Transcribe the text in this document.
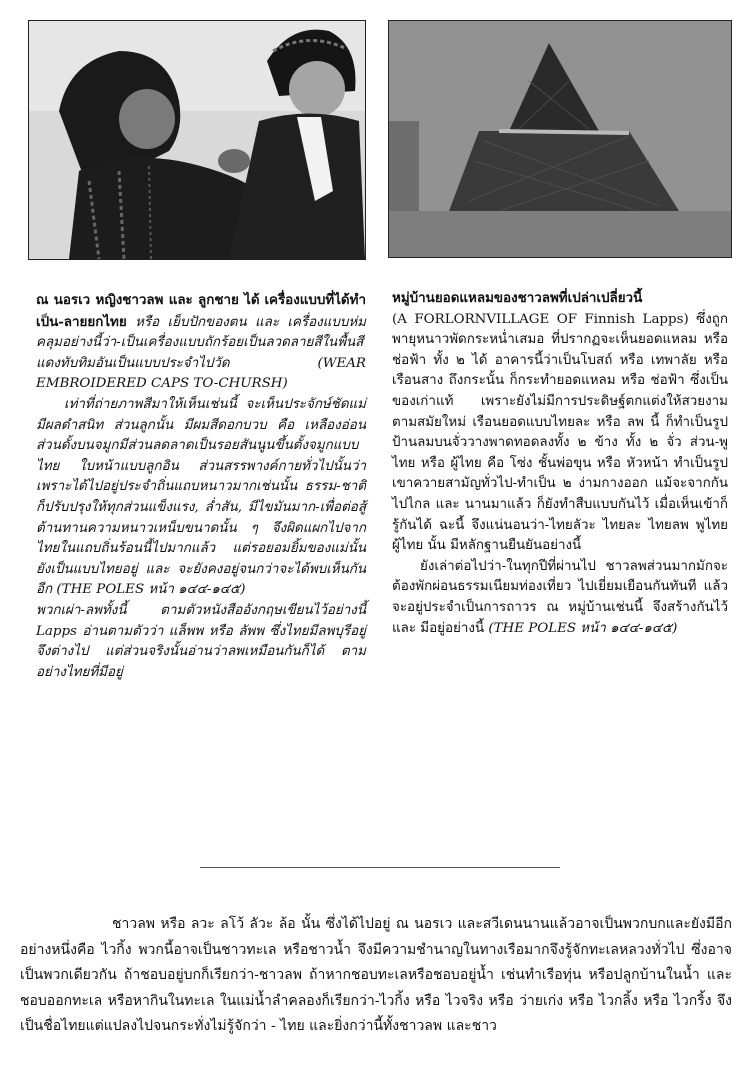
ณ นอรเว หญิงชาวลพ และ ลูกชาย ได้ เครื่องแบบที่ได้ทำเป็น-ลายยกไทย หรือ เย็บปักของตน และ เครื่องแบบห่มคลุมอย่างนี้ว่า-เป็นเครื่องแบบถักร้อยเป็นลวดลายสีในพื้นสีแดงทับทิมอันเป็นแบบประจำไปวัด (WEAR EMBROIDERED CAPS TO-CHURSH)

เท่าที่ถ่ายภาพสีมาให้เห็นเช่นนี้ จะเห็นประจักษ์ชัดแม่มีผลดำสนิท ส่วนลูกนั้น มีผมสีดอกบวบ คือ เหลืองอ่อน ส่วนดั้งบนจมูกมีส่วนลดลาดเป็นรอยสันนูนขึ้นตั้งจมูกแบบไทย ใบหน้าแบบลูกอิน ส่วนสรรพางค์กายทั่วไปนั้นว่า เพราะได้ไปอยู่ประจำถิ่นแถบหนาวมากเช่นนั้น ธรรม-ชาติก็ปรับปรุงให้ทุกส่วนแข็งแรง, ล่ำสัน, มีไขมันมาก-เพื่อต่อสู้ ต้านทานความหนาวเหน็บขนาดนั้น ๆ จึงผิดแผกไปจากไทยในแถบถิ่นร้อนนี้ไปมากแล้ว แต่รอยอมยิ้มของแม่นั้นยังเป็นแบบไทยอยู่ และ จะยังคงอยู่จนกว่าจะได้พบเห็นกันอีก (THE POLES หน้า ๑๔๔-๑๔๕)

พวกเผ่า-ลพทั้งนี้ ตามตัวหนังสืออังกฤษเขียนไว้อย่างนี้ Lapps อ่านตามตัวว่า แล็พพ หรือ ลัพพ ซึ่งไทยมีลพบุรีอยู่ จึงต่างไป แต่ส่วนจริงนั้นอ่านว่าลพเหมือนกันก็ได้ ตามอย่างไทยที่มีอยู่

หมู่บ้านยอดแหลมของชาวลพที่เปล่าเปลี่ยวนี้
(A FORLORNVILLAGE OF Finnish Lapps) ซึ่งถูกพายุหนาวพัดกระหน่ำเสมอ ที่ปรากฏจะเห็นยอดแหลม หรือ ช่อฟ้า ทั้ง ๒ ได้ อาคารนี้ว่าเป็นโบสถ์ หรือ เทพาลัย หรือ เรือนสาง ถึงกระนั้น ก็กระทำยอดแหลม หรือ ช่อฟ้า ซึ่งเป็นของเก่าแท้ เพราะยังไม่มีการประดิษฐ์ตกแต่งให้สวยงามตามสมัยใหม่ เรือนยอดแบบไทยละ หรือ ลพ นี้ ก็ทำเป็นรูปป้านลมบนจั่ววางพาดทอดลงทั้ง ๒ ข้าง ทั้ง ๒ จั่ว ส่วน-พูไทย หรือ ผู้ไทย คือ โซ่ง ชั้นพ่อขุน หรือ หัวหน้า ทำเป็นรูปเขาควายสามัญทั่วไป-ทำเป็น ๒ ง่ามกางออก แม้จะจากกันไปไกล และ นานมาแล้ว ก็ยังทำสืบแบบกันไว้ เมื่อเห็นเข้าก็รู้กันได้ ฉะนี้ จึงแน่นอนว่า-ไทยลัวะ ไทยละ ไทยลพ พูไทย ผู้ไทย นั้น มีหลักฐานยืนยันอย่างนี้

ยังเล่าต่อไปว่า-ในทุกปีที่ผ่านไป ชาวลพส่วนมากมักจะต้องพักผ่อนธรรมเนียมท่องเที่ยว ไปเยี่ยมเยือนกันทันที แล้วจะอยู่ประจำเป็นการถาวร ณ หมู่บ้านเช่นนี้ จึงสร้างกันไว้ และ มีอยู่อย่างนี้ (THE POLES หน้า ๑๔๔-๑๔๕)

ชาวลพ หรือ ลวะ ลโว้ ลัวะ ล้อ นั้น ซึ่งได้ไปอยู่ ณ นอรเว และสวีเดนนานแล้วอาจเป็นพวกบกและยังมีอีกอย่างหนึ่งคือ ไวกิ้ง พวกนี้อาจเป็นชาวทะเล หรือชาวน้ำ จึงมีความชำนาญในทางเรือมากจึงรู้จักทะเลหลวงทั่วไป ซึ่งอาจเป็นพวกเดียวกัน ถ้าชอบอยู่บกก็เรียกว่า-ชาวลพ ถ้าหากชอบทะเลหรือชอบอยู่น้ำ เช่นทำเรือทุ่น หรือปลูกบ้านในน้ำ และชอบออกทะเล หรือหากินในทะเล ในแม่น้ำลำคลองก็เรียกว่า-ไวกิ้ง หรือ ไวจริง หรือ ว่ายเก่ง หรือ ไวกลิ้ง หรือ ไวกริ้ง จึงเป็นชื่อไทยแต่แปลงไปจนกระทั่งไม่รู้จักว่า - ไทย และยิ่งกว่านี้ทั้งชาวลพ และชาว
